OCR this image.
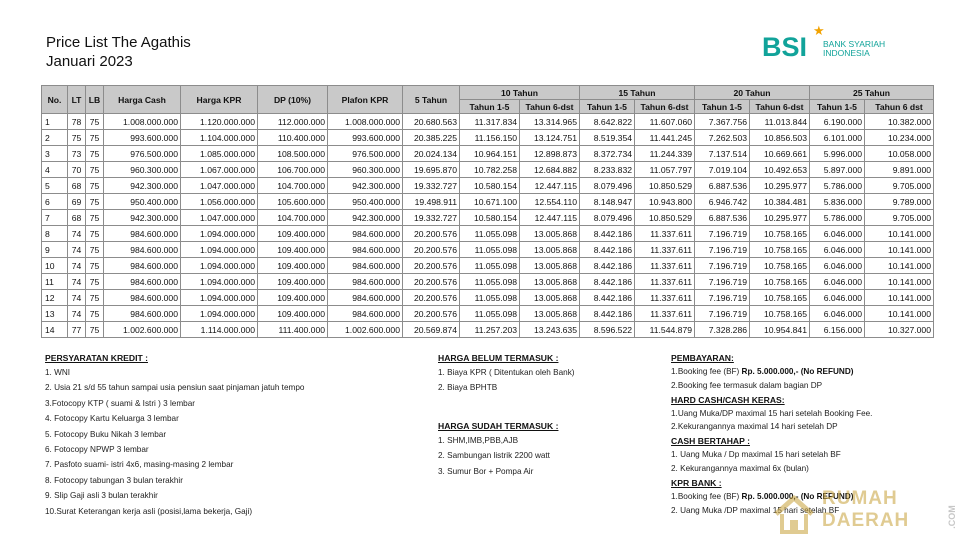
Price List The Agathis
Januari 2023	BSI
★
BANK SYARIAH
INDONESIA
No.	LT	LB	Harga Cash	Harga KPR	DP (10%)	Plafon KPR	5 Tahun	10 Tahun		15 Tahun		20 Tahun		25 Tahun	
								Tahun 1-5	Tahun 6-dst	Tahun 1-5	Tahun 6-dst	Tahun 1-5	Tahun 6-dst	Tahun 1-5	Tahun 6 dst
1	78	75	1.008.000.000	1.120.000.000	112.000.000	1.008.000.000	20.680.563	11.317.834	13.314.965	8.642.822	11.607.060	7.367.756	11.013.844	6.190.000	10.382.000
2	75	75	993.600.000	1.104.000.000	110.400.000	993.600.000	20.385.225	11.156.150	13.124.751	8.519.354	11.441.245	7.262.503	10.856.503	6.101.000	10.234.000
3	73	75	976.500.000	1.085.000.000	108.500.000	976.500.000	20.024.134	10.964.151	12.898.873	8.372.734	11.244.339	7.137.514	10.669.661	5.996.000	10.058.000
4	70	75	960.300.000	1.067.000.000	106.700.000	960.300.000	19.695.870	10.782.258	12.684.882	8.233.832	11.057.797	7.019.104	10.492.653	5.897.000	9.891.000
5	68	75	942.300.000	1.047.000.000	104.700.000	942.300.000	19.332.727	10.580.154	12.447.115	8.079.496	10.850.529	6.887.536	10.295.977	5.786.000	9.705.000
6	69	75	950.400.000	1.056.000.000	105.600.000	950.400.000	19.498.911	10.671.100	12.554.110	8.148.947	10.943.800	6.946.742	10.384.481	5.836.000	9.789.000
7	68	75	942.300.000	1.047.000.000	104.700.000	942.300.000	19.332.727	10.580.154	12.447.115	8.079.496	10.850.529	6.887.536	10.295.977	5.786.000	9.705.000
8	74	75	984.600.000	1.094.000.000	109.400.000	984.600.000	20.200.576	11.055.098	13.005.868	8.442.186	11.337.611	7.196.719	10.758.165	6.046.000	10.141.000
9	74	75	984.600.000	1.094.000.000	109.400.000	984.600.000	20.200.576	11.055.098	13.005.868	8.442.186	11.337.611	7.196.719	10.758.165	6.046.000	10.141.000
10	74	75	984.600.000	1.094.000.000	109.400.000	984.600.000	20.200.576	11.055.098	13.005.868	8.442.186	11.337.611	7.196.719	10.758.165	6.046.000	10.141.000
11	74	75	984.600.000	1.094.000.000	109.400.000	984.600.000	20.200.576	11.055.098	13.005.868	8.442.186	11.337.611	7.196.719	10.758.165	6.046.000	10.141.000
12	74	75	984.600.000	1.094.000.000	109.400.000	984.600.000	20.200.576	11.055.098	13.005.868	8.442.186	11.337.611	7.196.719	10.758.165	6.046.000	10.141.000
13	74	75	984.600.000	1.094.000.000	109.400.000	984.600.000	20.200.576	11.055.098	13.005.868	8.442.186	11.337.611	7.196.719	10.758.165	6.046.000	10.141.000
14	77	75	1.002.600.000	1.114.000.000	111.400.000	1.002.600.000	20.569.874	11.257.203	13.243.635	8.596.522	11.544.879	7.328.286	10.954.841	6.156.000	10.327.000
PERSYARATAN KREDIT :
1. WNI
2. Usia 21 s/d 55 tahun sampai usia pensiun saat pinjaman jatuh tempo
3.Fotocopy KTP ( suami & Istri ) 3 lembar
4. Fotocopy Kartu Keluarga 3 lembar
5. Fotocopy Buku Nikah 3 lembar
6. Fotocopy NPWP 3 lembar
7. Pasfoto suami- istri 4x6, masing-masing 2 lembar
8. Fotocopy tabungan 3 bulan terakhir
9. Slip Gaji asli 3 bulan terakhir
10.Surat Keterangan kerja asli (posisi,lama bekerja, Gaji)
HARGA BELUM TERMASUK :
1. Biaya KPR ( Ditentukan oleh Bank)
2. Biaya BPHTB
HARGA SUDAH TERMASUK :
1. SHM,IMB,PBB,AJB
2. Sambungan listrik 2200 watt
3. Sumur Bor + Pompa Air
PEMBAYARAN:
1.Booking fee (BF) Rp. 5.000.000,- (No REFUND)
2.Booking fee termasuk dalam bagian DP
HARD CASH/CASH KERAS:
1.Uang Muka/DP maximal 15 hari setelah Booking Fee.
2.Kekurangannya maximal 14 hari setelah DP
CASH BERTAHAP :
1. Uang Muka / Dp maximal 15 hari setelah BF
2. Kekurangannya maximal 6x (bulan)
KPR BANK :
1.Booking fee (BF) Rp. 5.000.000,- (No REFUND)
2. Uang Muka /DP maximal 15 hari setelah BF
RUMAH
DAERAH	.COM
